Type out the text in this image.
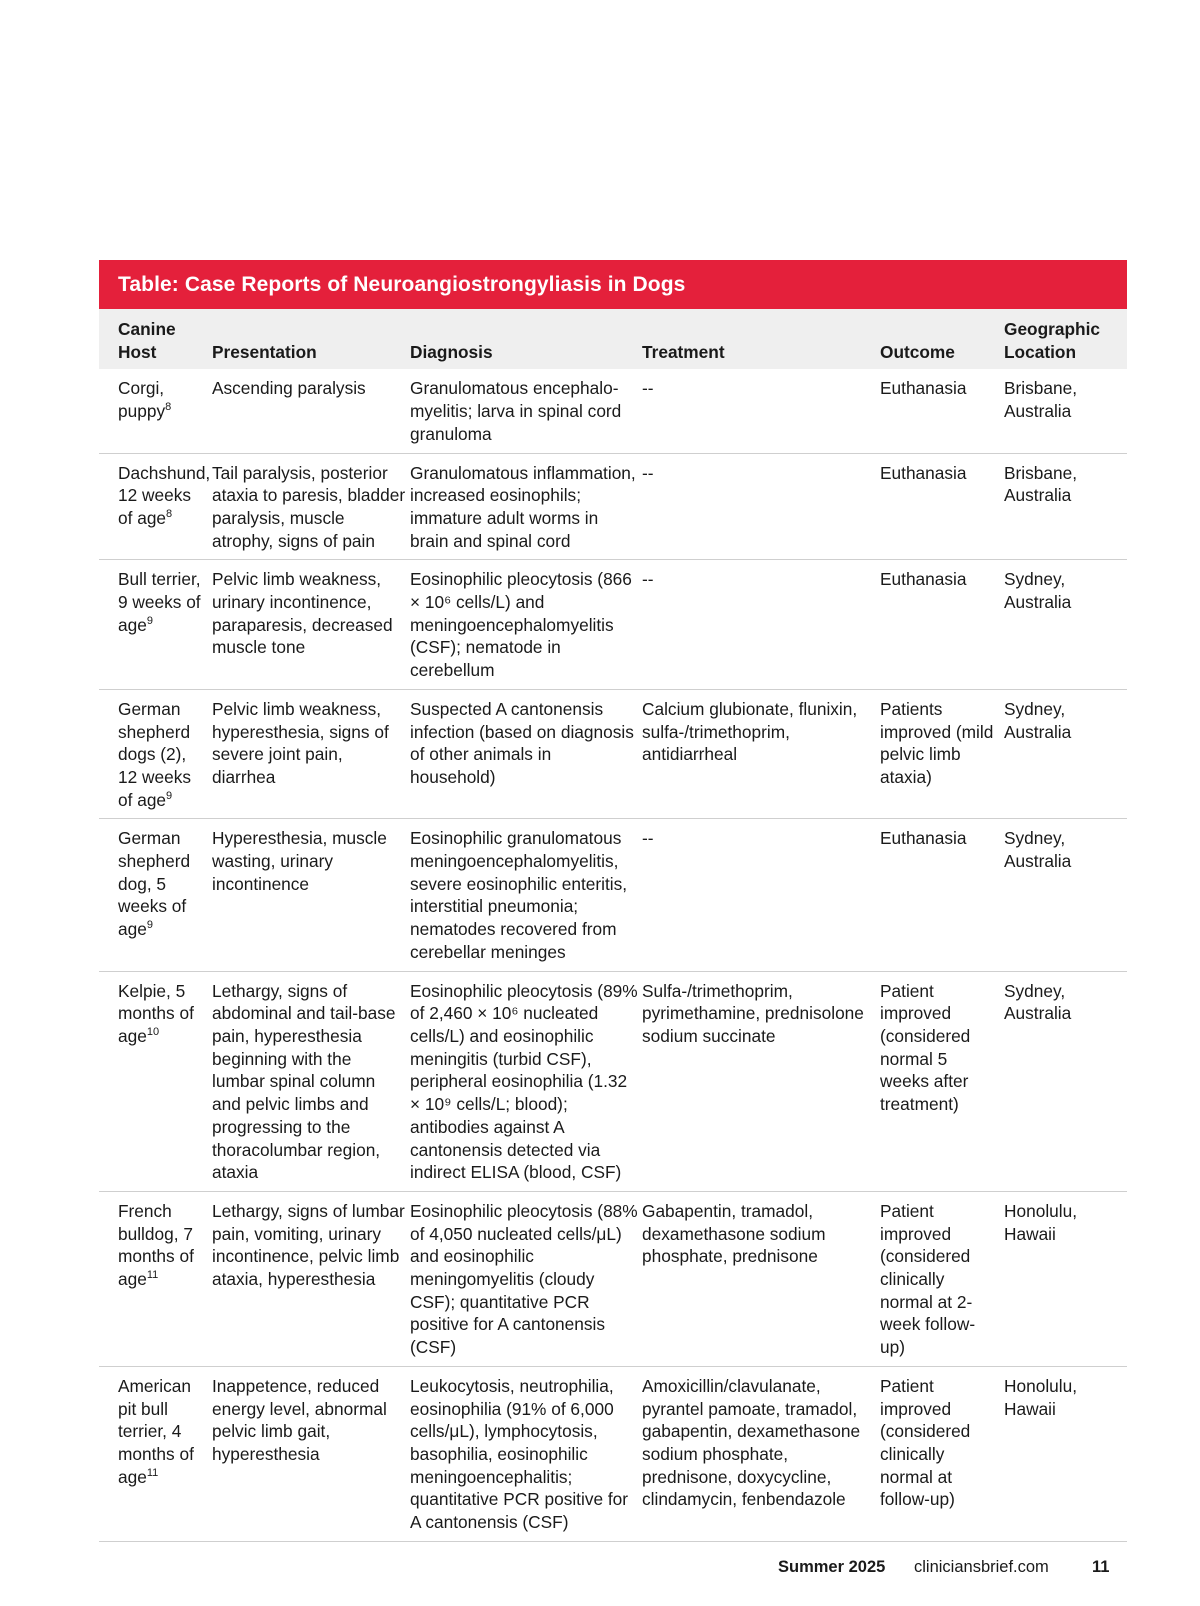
Table: Case Reports of Neuroangiostrongyliasis in Dogs
Canine Host	Presentation	Diagnosis	Treatment	Outcome	Geographic Location
Corgi, puppy$^8$	Ascending paralysis	Granulomatous encephalo-myelitis; larva in spinal cord granuloma	--	Euthanasia	Brisbane, Australia
Dachshund, 12 weeks of age$^8$	Tail paralysis, posterior ataxia to paresis, bladder paralysis, muscle atrophy, signs of pain	Granulomatous inflammation, increased eosinophils; immature adult worms in brain and spinal cord	--	Euthanasia	Brisbane, Australia
Bull terrier, 9 weeks of age$^9$	Pelvic limb weakness, urinary incontinence, paraparesis, decreased muscle tone	Eosinophilic pleocytosis (866 × 10⁶ cells/L) and meningoencephalomyelitis (CSF); nematode in cerebellum	--	Euthanasia	Sydney, Australia
German shepherd dogs (2), 12 weeks of age$^9$	Pelvic limb weakness, hyperesthesia, signs of severe joint pain, diarrhea	Suspected A cantonensis infection (based on diagnosis of other animals in household)	Calcium glubionate, flunixin, sulfa-/trimethoprim, antidiarrheal	Patients improved (mild pelvic limb ataxia)	Sydney, Australia
German shepherd dog, 5 weeks of age$^9$	Hyperesthesia, muscle wasting, urinary incontinence	Eosinophilic granulomatous meningoencephalomyelitis, severe eosinophilic enteritis, interstitial pneumonia; nematodes recovered from cerebellar meninges	--	Euthanasia	Sydney, Australia
Kelpie, 5 months of age$^{10}$	Lethargy, signs of abdominal and tail-base pain, hyperesthesia beginning with the lumbar spinal column and pelvic limbs and progressing to the thoracolumbar region, ataxia	Eosinophilic pleocytosis (89% of 2,460 × 10⁶ nucleated cells/L) and eosinophilic meningitis (turbid CSF), peripheral eosinophilia (1.32 × 10⁹ cells/L; blood); antibodies against A cantonensis detected via indirect ELISA (blood, CSF)	Sulfa-/trimethoprim, pyrimethamine, prednisolone sodium succinate	Patient improved (considered normal 5 weeks after treatment)	Sydney, Australia
French bulldog, 7 months of age$^{11}$	Lethargy, signs of lumbar pain, vomiting, urinary incontinence, pelvic limb ataxia, hyperesthesia	Eosinophilic pleocytosis (88% of 4,050 nucleated cells/μL) and eosinophilic meningomyelitis (cloudy CSF); quantitative PCR positive for A cantonensis (CSF)	Gabapentin, tramadol, dexamethasone sodium phosphate, prednisone	Patient improved (considered clinically normal at 2-week follow-up)	Honolulu, Hawaii
American pit bull terrier, 4 months of age$^{11}$	Inappetence, reduced energy level, abnormal pelvic limb gait, hyperesthesia	Leukocytosis, neutrophilia, eosinophilia (91% of 6,000 cells/μL), lymphocytosis, basophilia, eosinophilic meningoencephalitis; quantitative PCR positive for A cantonensis (CSF)	Amoxicillin/clavulanate, pyrantel pamoate, tramadol, gabapentin, dexamethasone sodium phosphate, prednisone, doxycycline, clindamycin, fenbendazole	Patient improved (considered clinically normal at follow-up)	Honolulu, Hawaii
Summer 2025 cliniciansbrief.com	11
